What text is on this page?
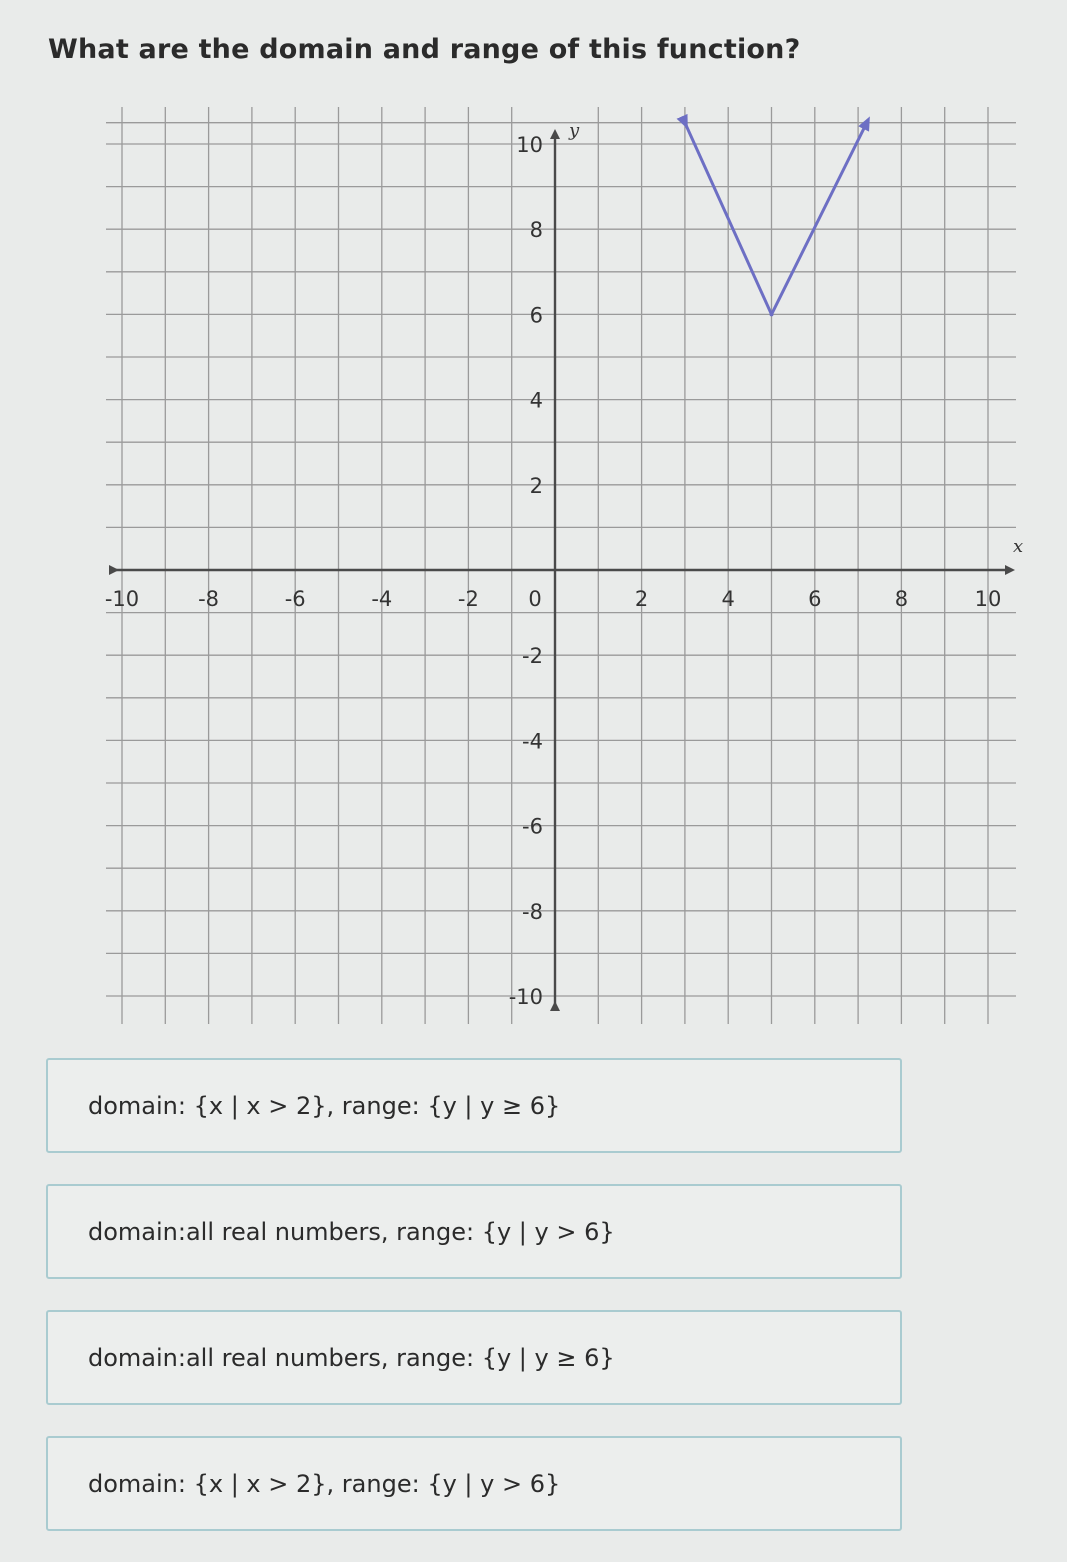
What are the domain and range of this function?
x
y
-10	-8	-6	-4	-2 0	2	4	6	8	10
10
8
6
4
2
-2
-4
-6
-8
-10
domain:
{x | x > 2} , range:
{y | y ≥ 6}
domain: all real numbers , range:
{y | y > 6}
domain: all real numbers , range:
{y | y ≥ 6}
domain:
{x | x > 2} , range:
{y | y > 6}
